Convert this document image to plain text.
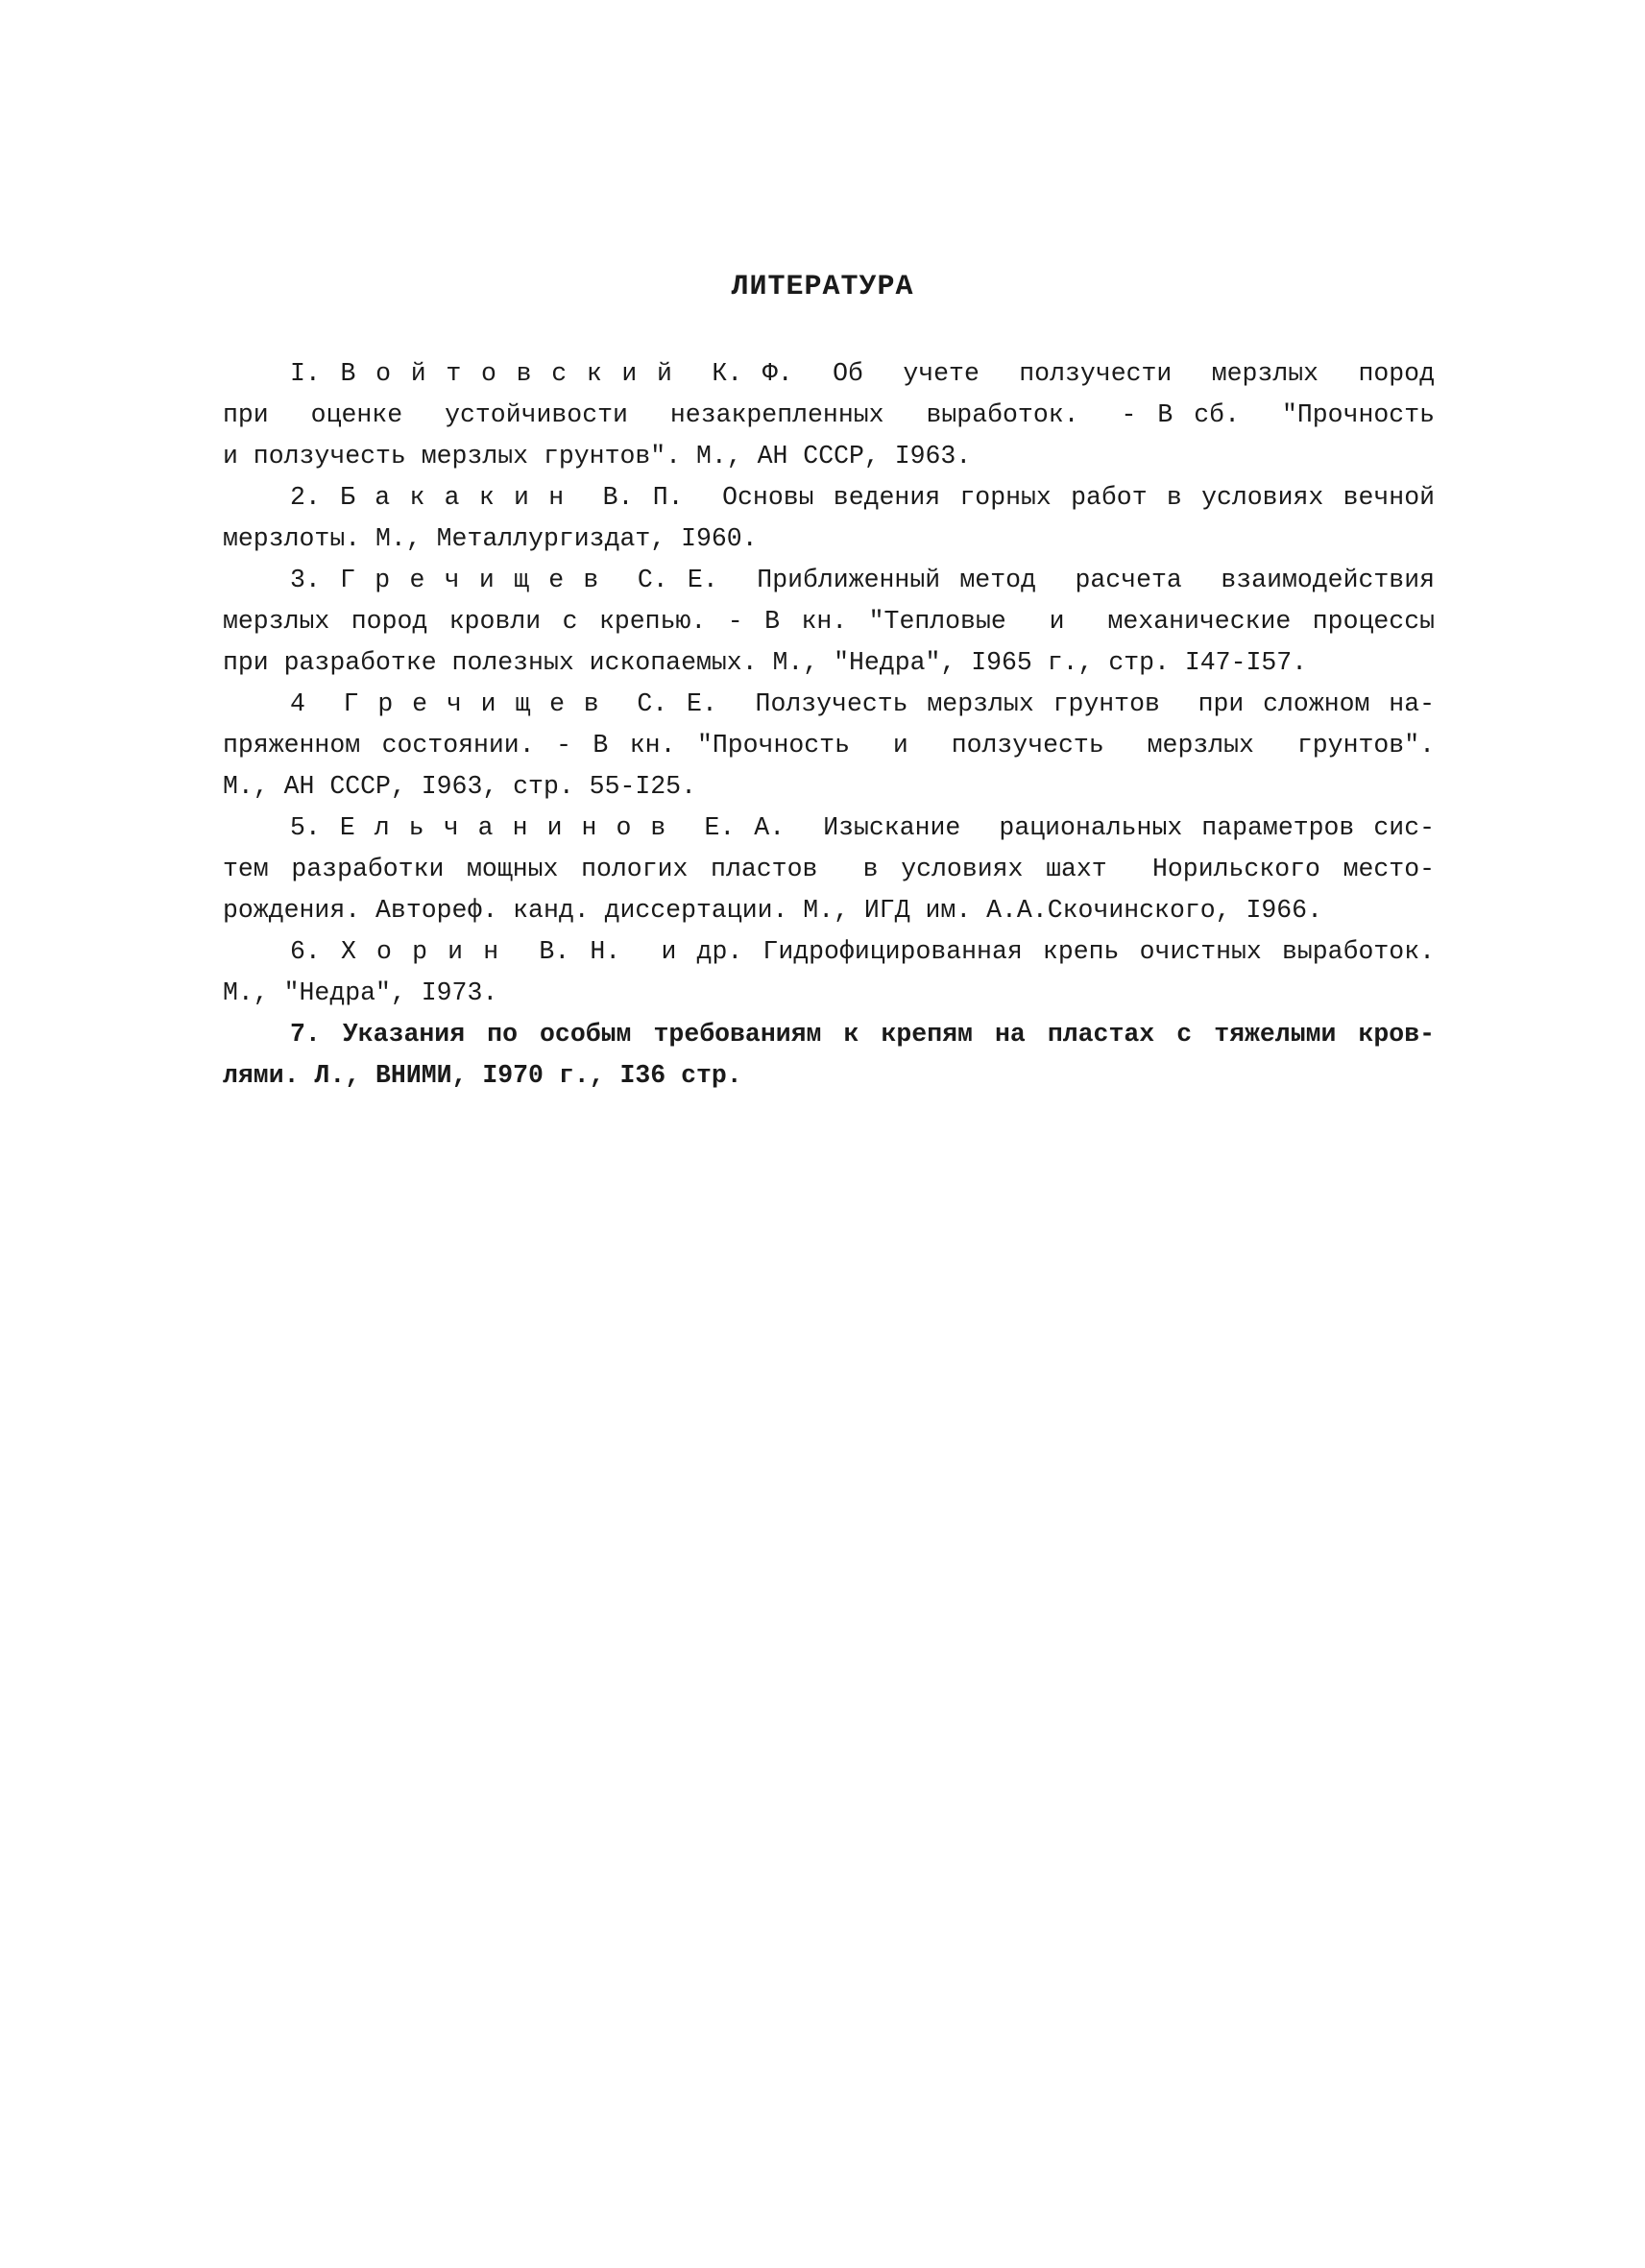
ЛИТЕРАТУРА
I. В о й т о в с к и й  К. Ф.  Об  учете  ползучести  мерзлых  пород
при  оценке  устойчивости  незакрепленных  выработок.  - В сб.  "Прочность
и ползучесть мерзлых грунтов". М., АН СССР, I963.
2. Б а к а к и н  В. П.  Основы ведения горных работ в условиях вечной
мерзлоты. М., Металлургиздат, I960.
3. Г р е ч и щ е в  С. Е.  Приближенный метод  расчета  взаимодействия
мерзлых пород кровли с крепью. - В кн. "Тепловые  и  механические процессы
при разработке полезных ископаемых. М., "Недра", I965 г., стр. I47-I57.
4  Г р е ч и щ е в  С. Е.  Ползучесть мерзлых грунтов  при сложном на-
пряженном состоянии. - В кн. "Прочность  и  ползучесть  мерзлых  грунтов".
М., АН СССР, I963, стр. 55-I25.
5. Е л ь ч а н и н о в  Е. А.  Изыскание  рациональных параметров сис-
тем разработки мощных пологих пластов  в условиях шахт  Норильского место-
рождения. Автореф. канд. диссертации. М., ИГД им. А.А.Скочинского, I966.
6. Х о р и н  В. Н.  и др. Гидрофицированная крепь очистных выработок.
М., "Недра", I973.
7. Указания по особым требованиям к крепям на пластах с тяжелыми кров-
лями. Л., ВНИМИ, I970 г., I36 стр.
